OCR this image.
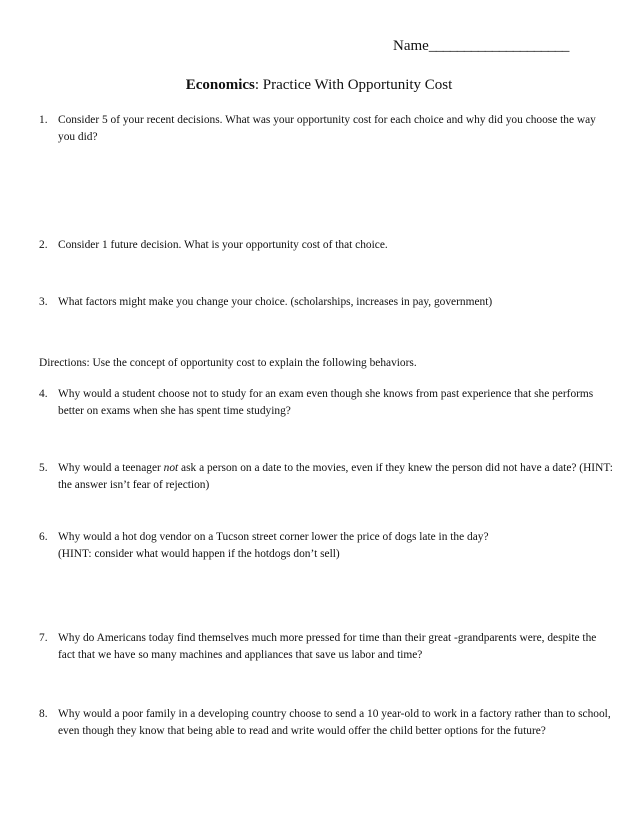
Name____________________
Economics: Practice With Opportunity Cost
1. Consider 5 of your recent decisions. What was your opportunity cost for each choice and why did you choose the way you did?
2. Consider 1 future decision. What is your opportunity cost of that choice.
3. What factors might make you change your choice. (scholarships, increases in pay, government)
Directions: Use the concept of opportunity cost to explain the following behaviors.
4. Why would a student choose not to study for an exam even though she knows from past experience that she performs better on exams when she has spent time studying?
5. Why would a teenager not ask a person on a date to the movies, even if they knew the person did not have a date? (HINT: the answer isn’t fear of rejection)
6. Why would a hot dog vendor on a Tucson street corner lower the price of dogs late in the day?
(HINT: consider what would happen if the hotdogs don’t sell)
7. Why do Americans today find themselves much more pressed for time than their great -grandparents were, despite the fact that we have so many machines and appliances that save us labor and time?
8. Why would a poor family in a developing country choose to send a 10 year-old to work in a factory rather than to school, even though they know that being able to read and write would offer the child better options for the future?
